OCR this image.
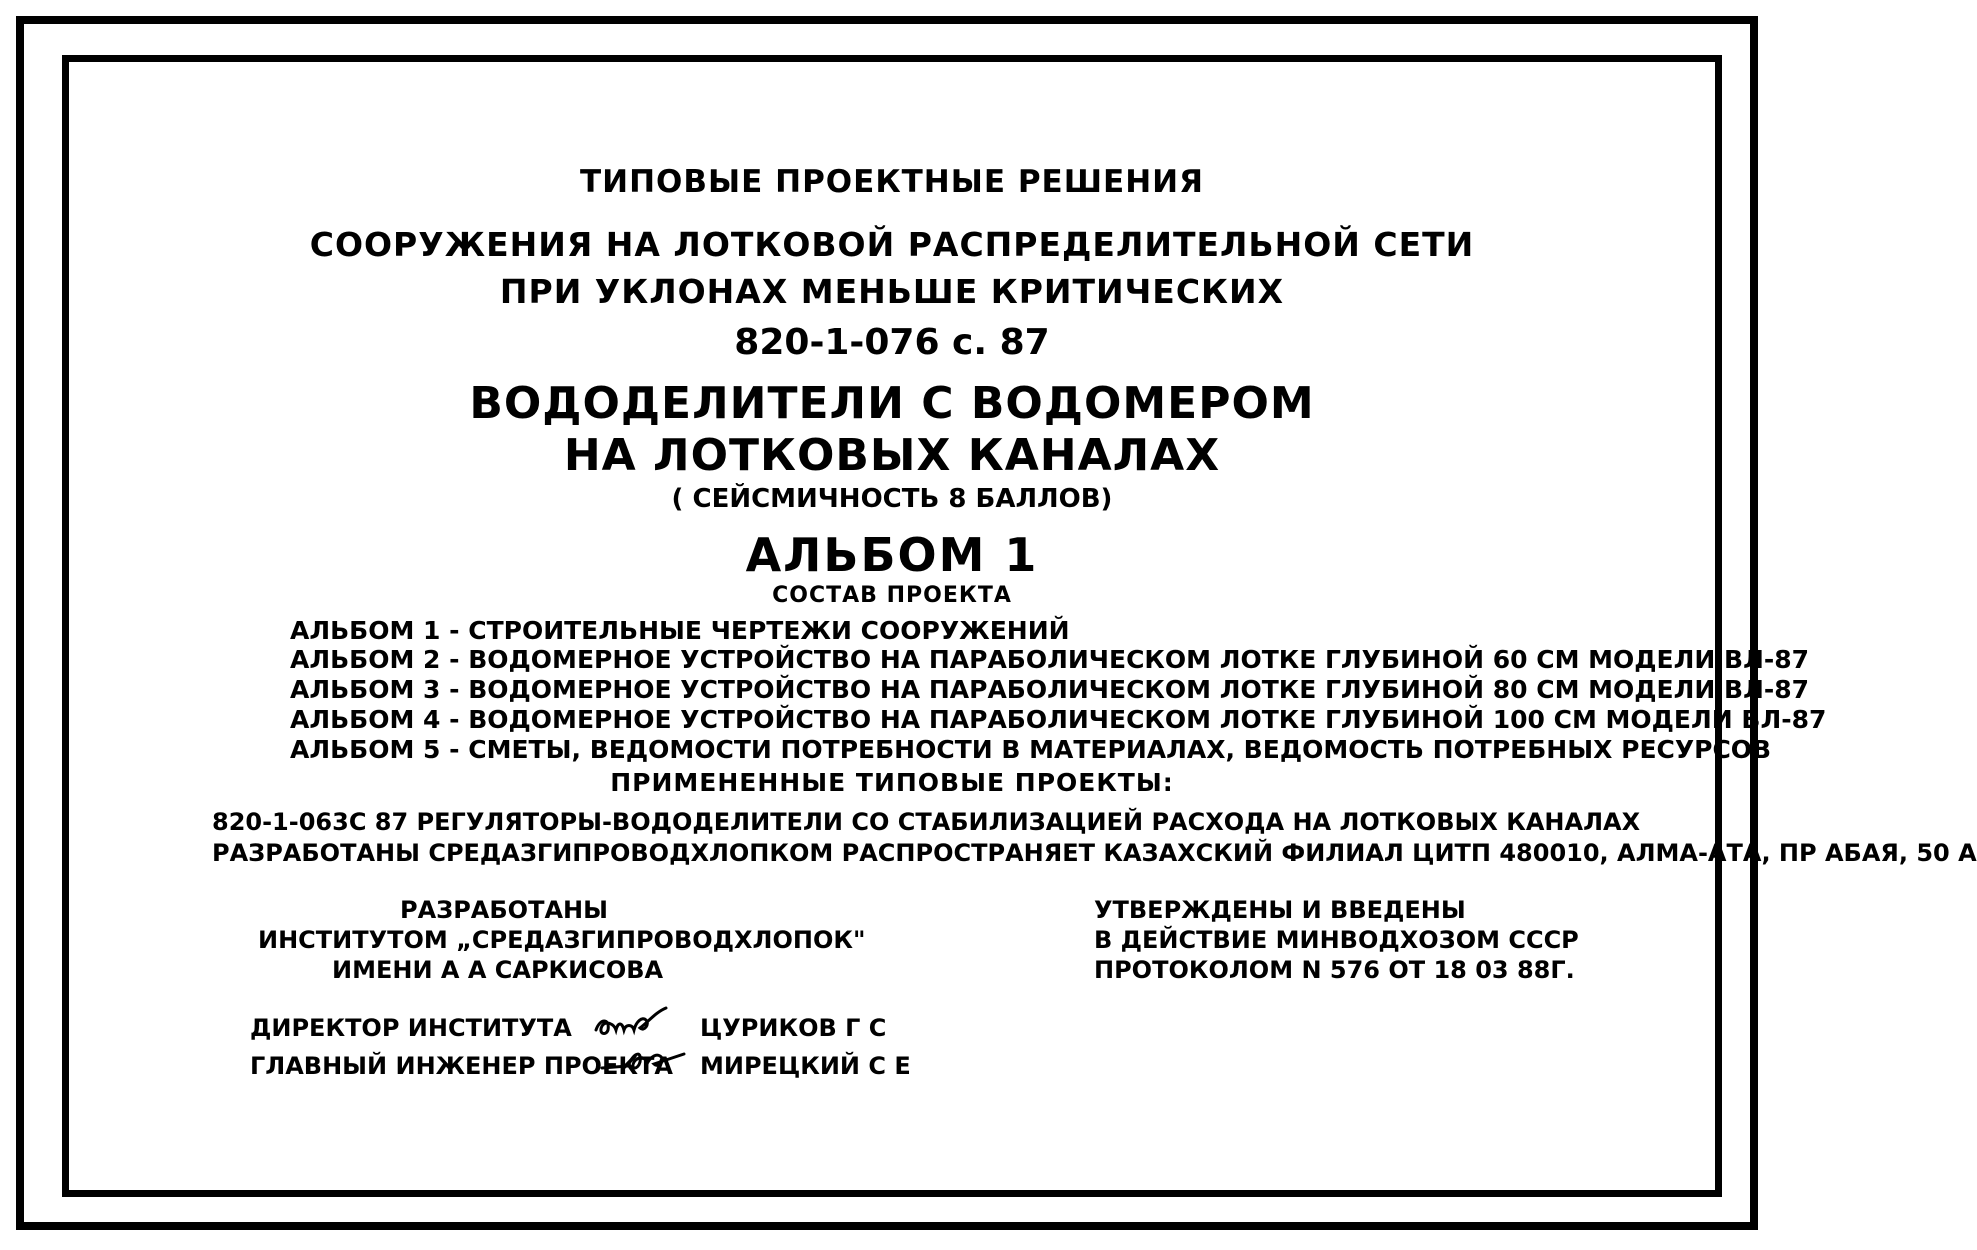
ТИПОВЫЕ ПРОЕКТНЫЕ РЕШЕНИЯ
СООРУЖЕНИЯ НА ЛОТКОВОЙ РАСПРЕДЕЛИТЕЛЬНОЙ СЕТИ
ПРИ УКЛОНАХ МЕНЬШЕ КРИТИЧЕСКИХ
820-1-076 с. 87
ВОДОДЕЛИТЕЛИ С ВОДОМЕРОМ
НА ЛОТКОВЫХ КАНАЛАХ
( СЕЙСМИЧНОСТЬ 8 БАЛЛОВ)
АЛЬБОМ 1
СОСТАВ ПРОЕКТА
АЛЬБОМ 1 - СТРОИТЕЛЬНЫЕ ЧЕРТЕЖИ СООРУЖЕНИЙ
АЛЬБОМ 2 - ВОДОМЕРНОЕ УСТРОЙСТВО НА ПАРАБОЛИЧЕСКОМ ЛОТКЕ ГЛУБИНОЙ 60 СМ МОДЕЛИ ВЛ-87
АЛЬБОМ 3 - ВОДОМЕРНОЕ УСТРОЙСТВО НА ПАРАБОЛИЧЕСКОМ ЛОТКЕ ГЛУБИНОЙ 80 СМ МОДЕЛИ ВЛ-87
АЛЬБОМ 4 - ВОДОМЕРНОЕ УСТРОЙСТВО НА ПАРАБОЛИЧЕСКОМ ЛОТКЕ ГЛУБИНОЙ 100 СМ МОДЕЛИ ВЛ-87
АЛЬБОМ 5 - СМЕТЫ, ВЕДОМОСТИ ПОТРЕБНОСТИ В МАТЕРИАЛАХ, ВЕДОМОСТЬ ПОТРЕБНЫХ РЕСУРСОВ
ПРИМЕНЕННЫЕ ТИПОВЫЕ ПРОЕКТЫ:
820-1-063С 87 РЕГУЛЯТОРЫ-ВОДОДЕЛИТЕЛИ СО СТАБИЛИЗАЦИЕЙ РАСХОДА НА ЛОТКОВЫХ КАНАЛАХ
РАЗРАБОТАНЫ СРЕДАЗГИПРОВОДХЛОПКОМ РАСПРОСТРАНЯЕТ КАЗАХСКИЙ ФИЛИАЛ ЦИТП 480010, АЛМА-АТА, ПР АБАЯ, 50 А
РАЗРАБОТАНЫ
ИНСТИТУТОМ „СРЕДАЗГИПРОВОДХЛОПОК"
ИМЕНИ А А САРКИСОВА
УТВЕРЖДЕНЫ И ВВЕДЕНЫ
В ДЕЙСТВИЕ МИНВОДХОЗОМ СССР
ПРОТОКОЛОМ N 576 ОТ 18 03 88Г.
ДИРЕКТОР ИНСТИТУТА	ЦУРИКОВ Г С
ГЛАВНЫЙ ИНЖЕНЕР ПРОЕКТА МИРЕЦКИЙ С Е
